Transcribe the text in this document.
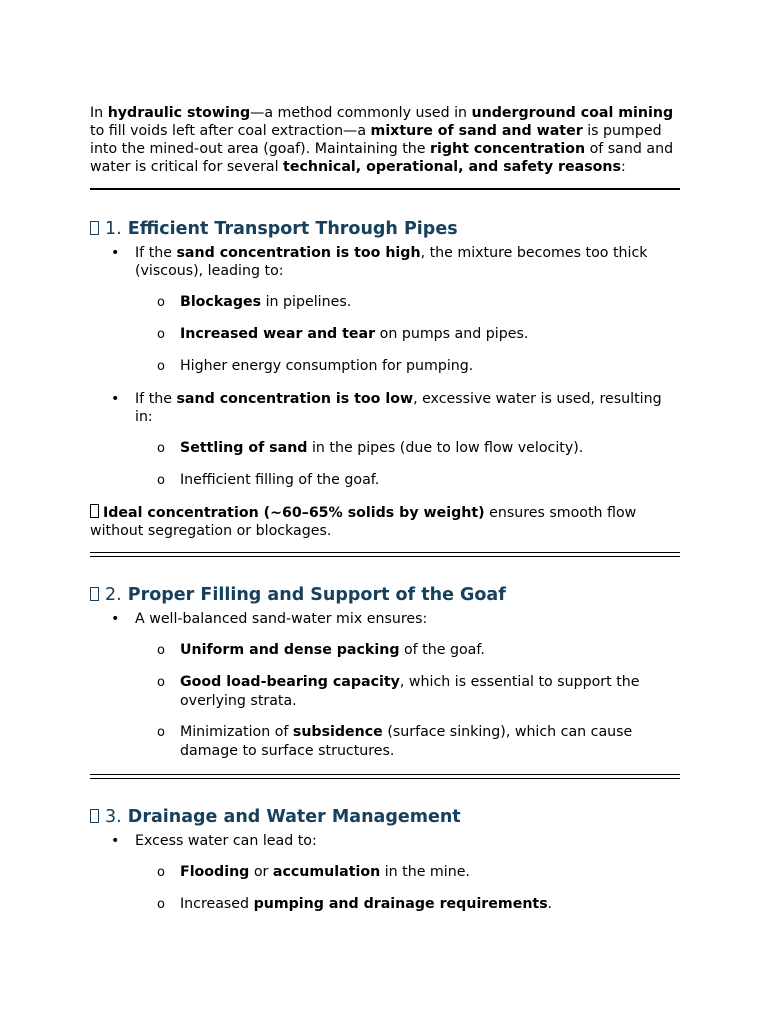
In hydraulic stowing—a method commonly used in underground coal mining to fill voids left after coal extraction—a mixture of sand and water is pumped into the mined-out area (goaf). Maintaining the right concentration of sand and water is critical for several technical, operational, and safety reasons:

1. Efficient Transport Through Pipes

• If the sand concentration is too high, the mixture becomes too thick (viscous), leading to:

o Blockages in pipelines.

o Increased wear and tear on pumps and pipes.

o Higher energy consumption for pumping.

• If the sand concentration is too low, excessive water is used, resulting in:

o Settling of sand in the pipes (due to low flow velocity).

o Inefficient filling of the goaf.

Ideal concentration (~60–65% solids by weight) ensures smooth flow without segregation or blockages.

2. Proper Filling and Support of the Goaf

• A well-balanced sand-water mix ensures:

o Uniform and dense packing of the goaf.

o Good load-bearing capacity, which is essential to support the overlying strata.

o Minimization of subsidence (surface sinking), which can cause damage to surface structures.

3. Drainage and Water Management

• Excess water can lead to:

o Flooding or accumulation in the mine.

o Increased pumping and drainage requirements.
